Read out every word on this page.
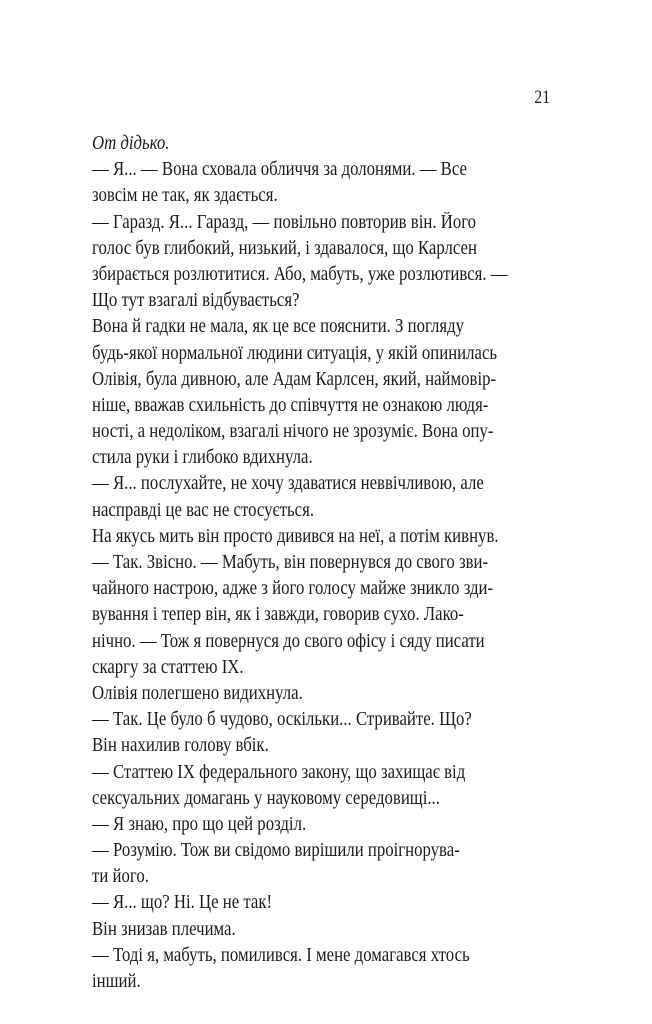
21
От дідько.
— Я... — Вона сховала обличчя за долонями. — Все
зовсім не так, як здається.
— Гаразд. Я... Гаразд, — повільно повторив він. Його
голос був глибокий, низький, і здавалося, що Карлсен
збирається розлютитися. Або, мабуть, уже розлютився. —
Що тут взагалі відбувається?
Вона й гадки не мала, як це все пояснити. З погляду
будь-якої нормальної людини ситуація, у якій опинилась
Олівія, була дивною, але Адам Карлсен, який, наймовір-
ніше, вважав схильність до співчуття не ознакою людя-
ності, а недоліком, взагалі нічого не зрозуміє. Вона опу-
стила руки і глибоко вдихнула.
— Я... послухайте, не хочу здаватися неввічливою, але
насправді це вас не стосується.
На якусь мить він просто дивився на неї, а потім кивнув.
— Так. Звісно. — Мабуть, він повернувся до свого зви-
чайного настрою, адже з його голосу майже зникло зди-
вування і тепер він, як і завжди, говорив сухо. Лако-
нічно. — Тож я повернуся до свого офісу і сяду писати
скаргу за статтею IX.
Олівія полегшено видихнула.
— Так. Це було б чудово, оскільки... Стривайте. Що?
Він нахилив голову вбік.
— Статтею IX федерального закону, що захищає від
сексуальних домагань у науковому середовищі...
— Я знаю, про що цей розділ.
— Розумію. Тож ви свідомо вирішили проігнорува-
ти його.
— Я... що? Ні. Це не так!
Він знизав плечима.
— Тоді я, мабуть, помилився. І мене домагався хтось
інший.
